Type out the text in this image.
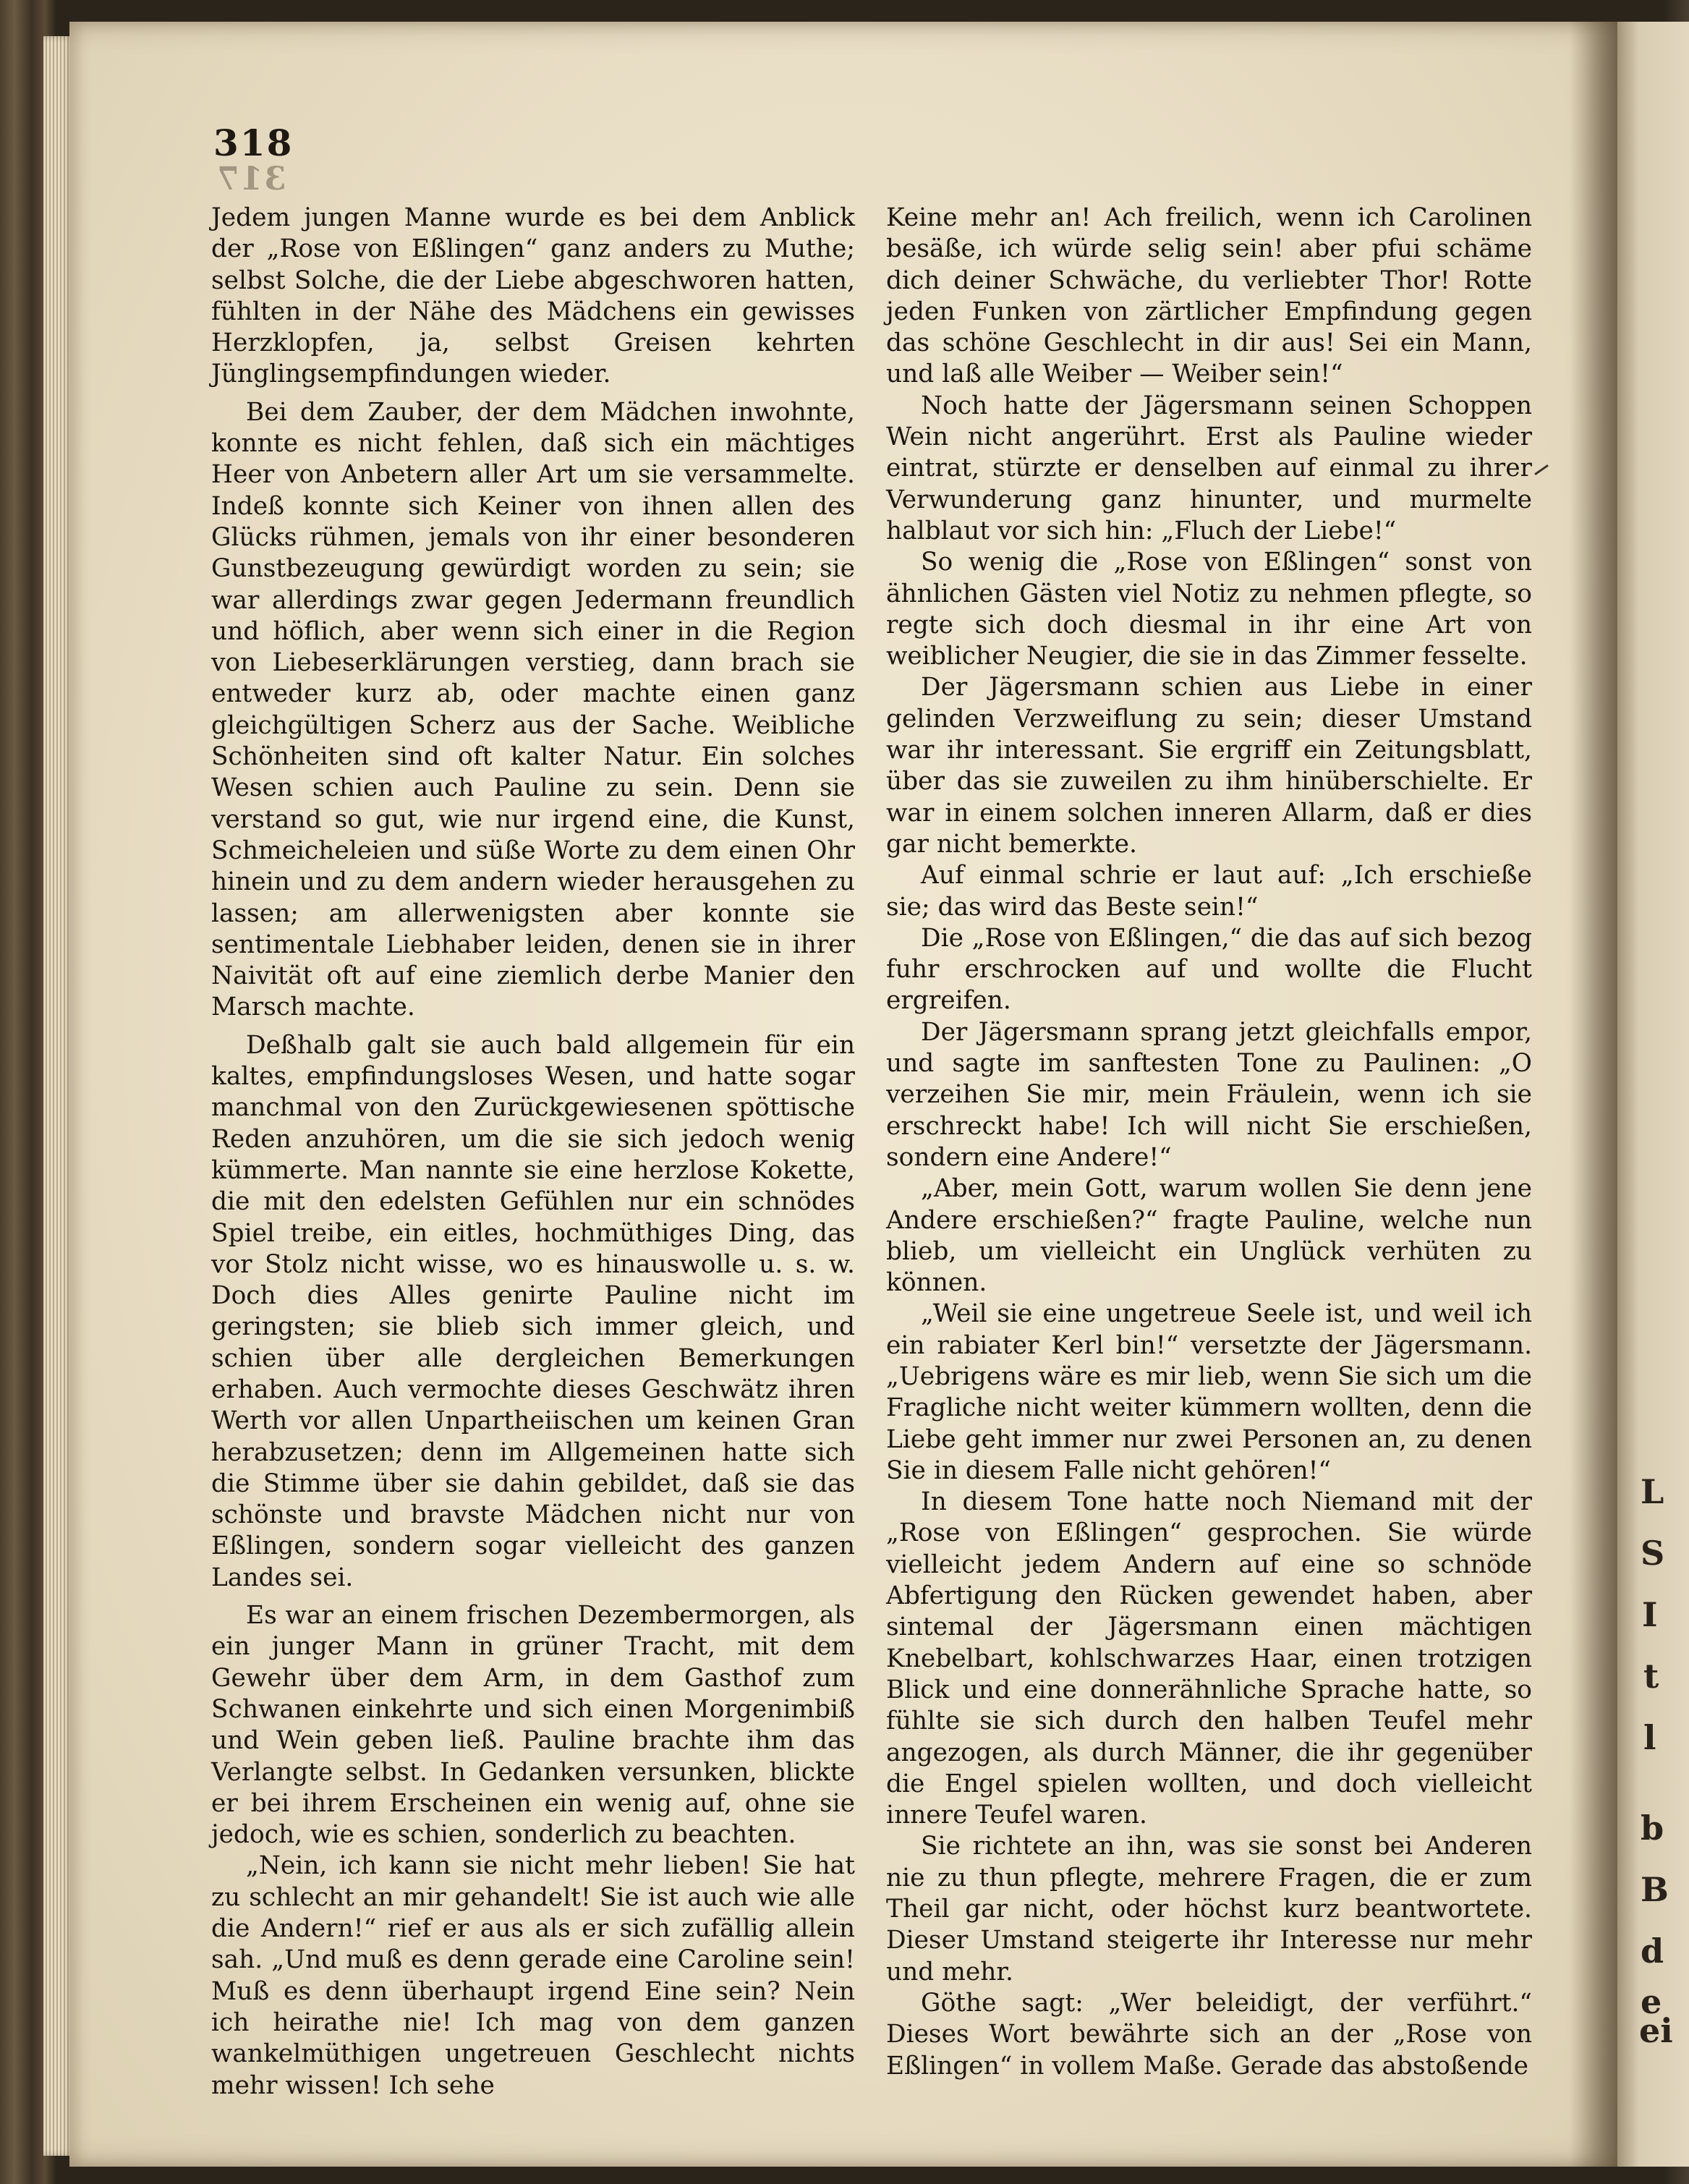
L
S
I
t
l
b
B
d
e
ei
318
317

Jedem jungen Manne wurde es bei dem Anblick der „Rose von Eßlingen“ ganz anders zu Muthe; selbst Solche, die der Liebe abgeschworen hatten, fühlten in der Nähe des Mädchens ein gewisses Herzklopfen, ja, selbst Greisen kehrten Jünglingsempfindungen wieder.

Bei dem Zauber, der dem Mädchen inwohnte, konnte es nicht fehlen, daß sich ein mächtiges Heer von Anbetern aller Art um sie versammelte. Indeß konnte sich Keiner von ihnen allen des Glücks rühmen, jemals von ihr einer besonderen Gunstbezeugung gewürdigt worden zu sein; sie war allerdings zwar gegen Jedermann freundlich und höflich, aber wenn sich einer in die Region von Liebeserklärungen verstieg, dann brach sie entweder kurz ab, oder machte einen ganz gleichgültigen Scherz aus der Sache. Weibliche Schönheiten sind oft kalter Natur. Ein solches Wesen schien auch Pauline zu sein. Denn sie verstand so gut, wie nur irgend eine, die Kunst, Schmeicheleien und süße Worte zu dem einen Ohr hinein und zu dem andern wieder herausgehen zu lassen; am allerwenigsten aber konnte sie sentimentale Liebhaber leiden, denen sie in ihrer Naivität oft auf eine ziemlich derbe Manier den Marsch machte.

Deßhalb galt sie auch bald allgemein für ein kaltes, empfindungsloses Wesen, und hatte sogar manchmal von den Zurückgewiesenen spöttische Reden anzuhören, um die sie sich jedoch wenig kümmerte. Man nannte sie eine herzlose Kokette, die mit den edelsten Gefühlen nur ein schnödes Spiel treibe, ein eitles, hochmüthiges Ding, das vor Stolz nicht wisse, wo es hinauswolle u. s. w. Doch dies Alles genirte Pauline nicht im geringsten; sie blieb sich immer gleich, und schien über alle dergleichen Bemerkungen erhaben. Auch vermochte dieses Geschwätz ihren Werth vor allen Unpartheiischen um keinen Gran herabzusetzen; denn im Allgemeinen hatte sich die Stimme über sie dahin gebildet, daß sie das schönste und bravste Mädchen nicht nur von Eßlingen, sondern sogar vielleicht des ganzen Landes sei.

Es war an einem frischen Dezembermorgen, als ein junger Mann in grüner Tracht, mit dem Gewehr über dem Arm, in dem Gasthof zum Schwanen einkehrte und sich einen Morgenimbiß und Wein geben ließ. Pauline brachte ihm das Verlangte selbst. In Gedanken versunken, blickte er bei ihrem Erscheinen ein wenig auf, ohne sie jedoch, wie es schien, sonderlich zu beachten.

„Nein, ich kann sie nicht mehr lieben! Sie hat zu schlecht an mir gehandelt! Sie ist auch wie alle die Andern!“ rief er aus als er sich zufällig allein sah. „Und muß es denn gerade eine Caroline sein! Muß es denn überhaupt irgend Eine sein? Nein ich heirathe nie! Ich mag von dem ganzen wankelmüthigen ungetreuen Geschlecht nichts mehr wissen! Ich sehe

Keine mehr an! Ach freilich, wenn ich Carolinen besäße, ich würde selig sein! aber pfui schäme dich deiner Schwäche, du verliebter Thor! Rotte jeden Funken von zärtlicher Empfindung gegen das schöne Geschlecht in dir aus! Sei ein Mann, und laß alle Weiber — Weiber sein!“

Noch hatte der Jägersmann seinen Schoppen Wein nicht angerührt. Erst als Pauline wieder eintrat, stürzte er denselben auf einmal zu ihrer Verwunderung ganz hinunter, und murmelte halblaut vor sich hin: „Fluch der Liebe!“

So wenig die „Rose von Eßlingen“ sonst von ähnlichen Gästen viel Notiz zu nehmen pflegte, so regte sich doch diesmal in ihr eine Art von weiblicher Neugier, die sie in das Zimmer fesselte.

Der Jägersmann schien aus Liebe in einer gelinden Verzweiflung zu sein; dieser Umstand war ihr interessant. Sie ergriff ein Zeitungsblatt, über das sie zuweilen zu ihm hinüberschielte. Er war in einem solchen inneren Allarm, daß er dies gar nicht bemerkte.

Auf einmal schrie er laut auf: „Ich erschieße sie; das wird das Beste sein!“

Die „Rose von Eßlingen,“ die das auf sich bezog fuhr erschrocken auf und wollte die Flucht ergreifen.

Der Jägersmann sprang jetzt gleichfalls empor, und sagte im sanftesten Tone zu Paulinen: „O verzeihen Sie mir, mein Fräulein, wenn ich sie erschreckt habe! Ich will nicht Sie erschießen, sondern eine Andere!“

„Aber, mein Gott, warum wollen Sie denn jene Andere erschießen?“ fragte Pauline, welche nun blieb, um vielleicht ein Unglück verhüten zu können.

„Weil sie eine ungetreue Seele ist, und weil ich ein rabiater Kerl bin!“ versetzte der Jägersmann. „Uebrigens wäre es mir lieb, wenn Sie sich um die Fragliche nicht weiter kümmern wollten, denn die Liebe geht immer nur zwei Personen an, zu denen Sie in diesem Falle nicht gehören!“

In diesem Tone hatte noch Niemand mit der „Rose von Eßlingen“ gesprochen. Sie würde vielleicht jedem Andern auf eine so schnöde Abfertigung den Rücken gewendet haben, aber sintemal der Jägersmann einen mächtigen Knebelbart, kohlschwarzes Haar, einen trotzigen Blick und eine donnerähnliche Sprache hatte, so fühlte sie sich durch den halben Teufel mehr angezogen, als durch Männer, die ihr gegenüber die Engel spielen wollten, und doch vielleicht innere Teufel waren.

Sie richtete an ihn, was sie sonst bei Anderen nie zu thun pflegte, mehrere Fragen, die er zum Theil gar nicht, oder höchst kurz beantwortete. Dieser Umstand steigerte ihr Interesse nur mehr und mehr.

Göthe sagt: „Wer beleidigt, der verführt.“ Dieses Wort bewährte sich an der „Rose von Eßlingen“ in vollem Maße. Gerade das abstoßende
